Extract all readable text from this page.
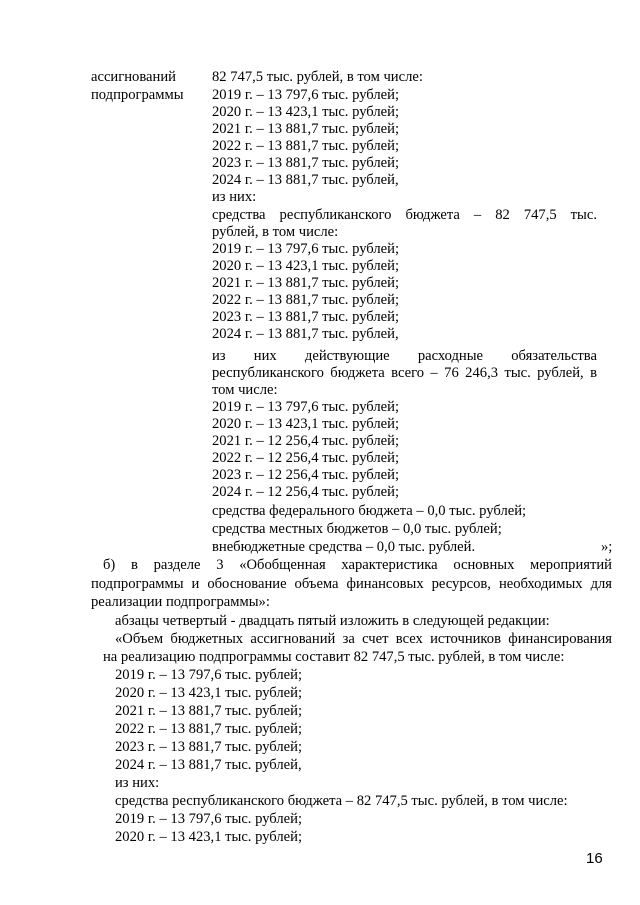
ассигнований

подпрограммы

82 747,5 тыс. рублей, в том числе:

2019 г. – 13 797,6 тыс. рублей;

2020 г. – 13 423,1 тыс. рублей;

2021 г. – 13 881,7 тыс. рублей;

2022 г. – 13 881,7 тыс. рублей;

2023 г. – 13 881,7 тыс. рублей;

2024 г. – 13 881,7 тыс. рублей,

из них:

средства республиканского бюджета – 82 747,5 тыс.

рублей, в том числе:

2019 г. – 13 797,6 тыс. рублей;

2020 г. – 13 423,1 тыс. рублей;

2021 г. – 13 881,7 тыс. рублей;

2022 г. – 13 881,7 тыс. рублей;

2023 г. – 13 881,7 тыс. рублей;

2024 г. – 13 881,7 тыс. рублей,

из них действующие расходные обязательства

республиканского бюджета всего – 76 246,3 тыс. рублей, в

том числе:

2019 г. – 13 797,6 тыс. рублей;

2020 г. – 13 423,1 тыс. рублей;

2021 г. – 12 256,4 тыс. рублей;

2022 г. – 12 256,4 тыс. рублей;

2023 г. – 12 256,4 тыс. рублей;

2024 г. – 12 256,4 тыс. рублей;

средства федерального бюджета – 0,0 тыс. рублей;

средства местных бюджетов – 0,0 тыс. рублей;

внебюджетные средства – 0,0 тыс. рублей.	»;

б) в разделе 3 «Обобщенная характеристика основных мероприятий

подпрограммы и обоснование объема финансовых ресурсов, необходимых для

реализации подпрограммы»:

абзацы четвертый - двадцать пятый изложить в следующей редакции:

«Объем бюджетных ассигнований за счет всех источников финансирования

на реализацию подпрограммы составит 82 747,5 тыс. рублей, в том числе:

2019 г. – 13 797,6 тыс. рублей;

2020 г. – 13 423,1 тыс. рублей;

2021 г. – 13 881,7 тыс. рублей;

2022 г. – 13 881,7 тыс. рублей;

2023 г. – 13 881,7 тыс. рублей;

2024 г. – 13 881,7 тыс. рублей,

из них:

средства республиканского бюджета – 82 747,5 тыс. рублей, в том числе:

2019 г. – 13 797,6 тыс. рублей;

2020 г. – 13 423,1 тыс. рублей;

16
